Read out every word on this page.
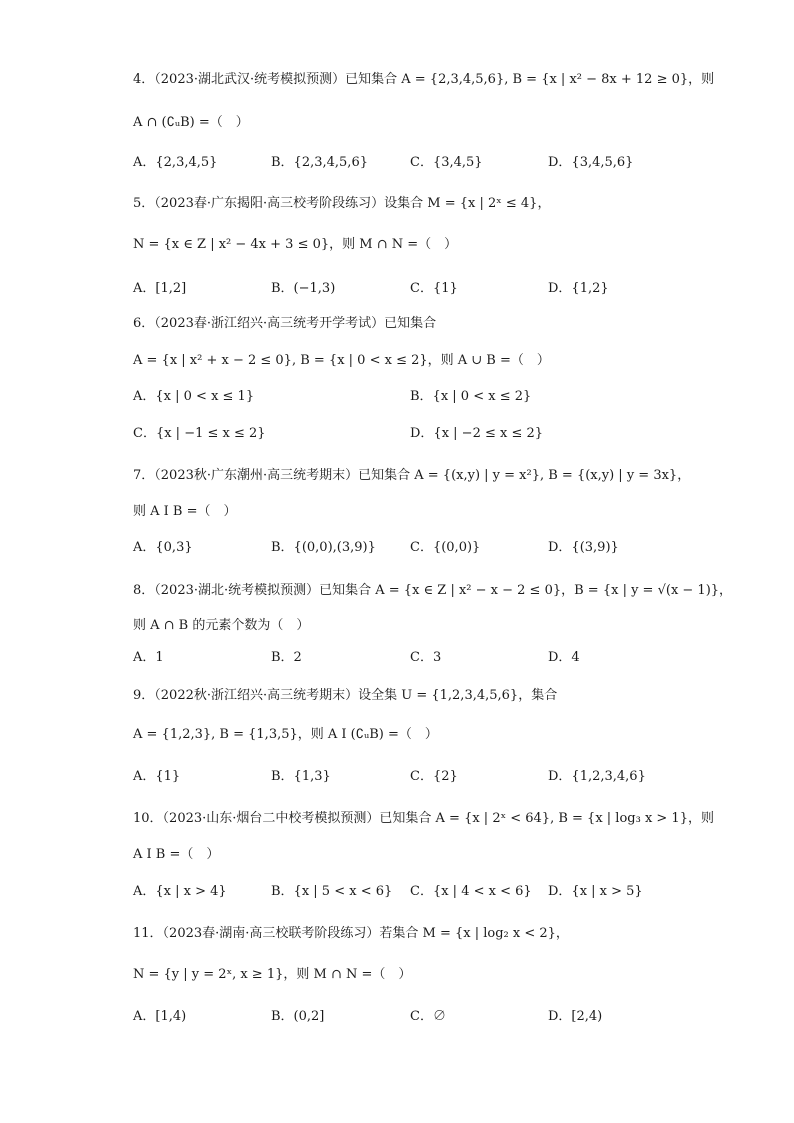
4．（2023·湖北武汉·统考模拟预测）已知集合 A = {2,3,4,5,6}, B = {x | x² − 8x + 12 ≥ 0}，则
A ∩ (∁ᵤB) =（　）
A．{2,3,4,5}	B．{2,3,4,5,6}	C．{3,4,5}	D．{3,4,5,6}
5．（2023春·广东揭阳·高三校考阶段练习）设集合 M = {x | 2ˣ ≤ 4}，
N = {x ∈ Z | x² − 4x + 3 ≤ 0}，则 M ∩ N =（　）
A．[1,2]	B．(−1,3)	C．{1}	D．{1,2}
6．（2023春·浙江绍兴·高三统考开学考试）已知集合
A = {x | x² + x − 2 ≤ 0}, B = {x | 0 < x ≤ 2}，则 A ∪ B =（　）
A．{x | 0 < x ≤ 1}	B．{x | 0 < x ≤ 2}
C．{x | −1 ≤ x ≤ 2}	D．{x | −2 ≤ x ≤ 2}
7．（2023秋·广东潮州·高三统考期末）已知集合 A = {(x,y) | y = x²}, B = {(x,y) | y = 3x}，
则 A I B =（　）
A．{0,3}	B．{(0,0),(3,9)}	C．{(0,0)}	D．{(3,9)}
8．（2023·湖北·统考模拟预测）已知集合 A = {x ∈ Z | x² − x − 2 ≤ 0}，B = {x | y = √(x − 1)}，
则 A ∩ B 的元素个数为（　）
A．1	B．2	C．3	D．4
9．（2022秋·浙江绍兴·高三统考期末）设全集 U = {1,2,3,4,5,6}，集合
A = {1,2,3}, B = {1,3,5}，则 A I (∁ᵤB) =（　）
A．{1}	B．{1,3}	C．{2}	D．{1,2,3,4,6}
10．（2023·山东·烟台二中校考模拟预测）已知集合 A = {x | 2ˣ < 64}, B = {x | log₃ x > 1}，则
A I B =（　）
A．{x | x > 4}	B．{x | 5 < x < 6} C．{x | 4 < x < 6} D．{x | x > 5}
11．（2023春·湖南·高三校联考阶段练习）若集合 M = {x | log₂ x < 2}，
N = {y | y = 2ˣ, x ≥ 1}，则 M ∩ N =（　）
A．[1,4)	B．(0,2]	C．∅	D．[2,4)
